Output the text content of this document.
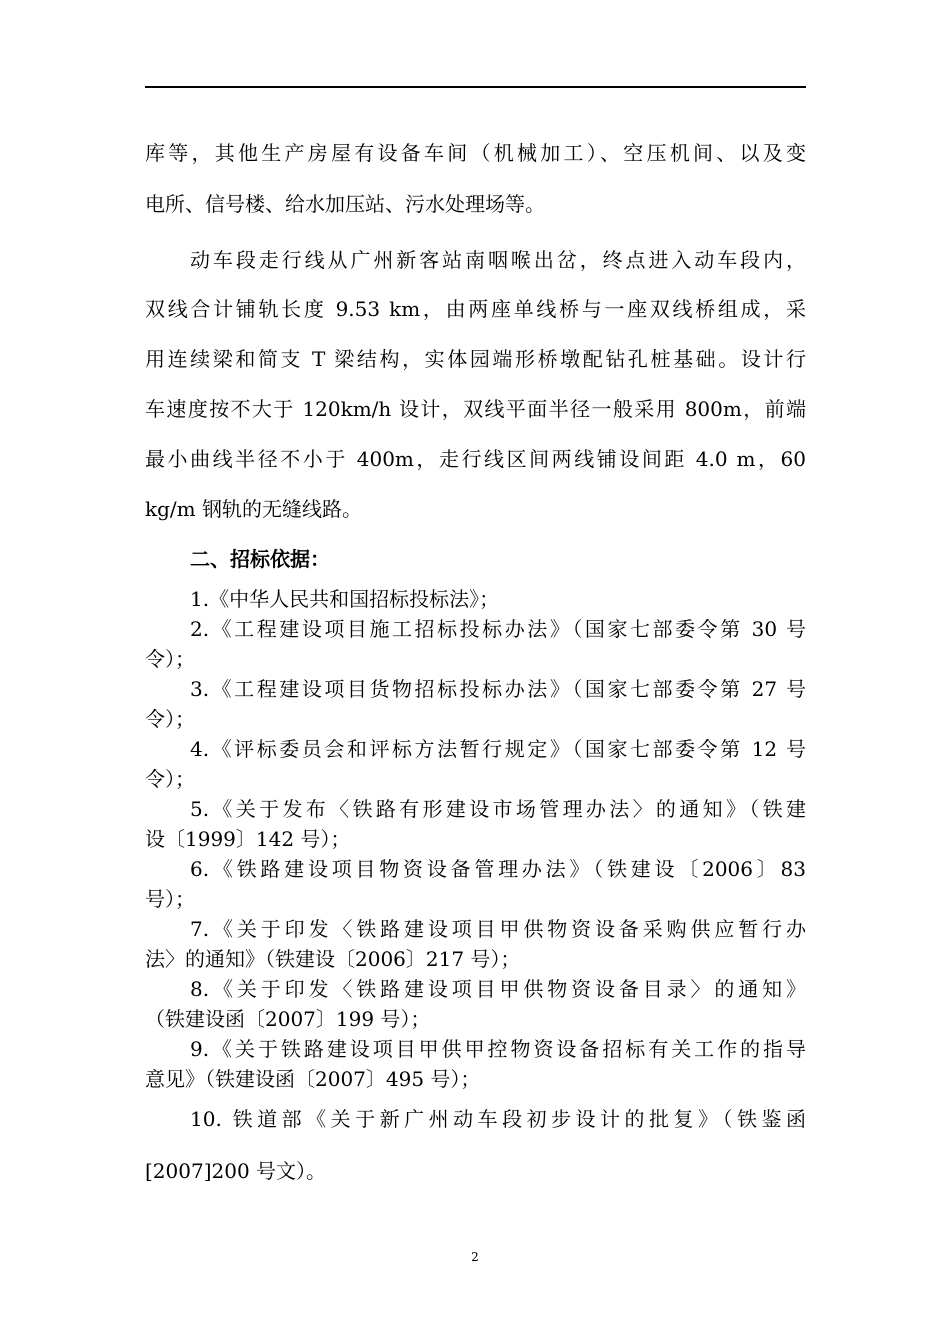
库等，其他生产房屋有设备车间（机械加工）、空压机间、以及变
电所、信号楼、给水加压站、污水处理场等。
动车段走行线从广州新客站南咽喉出岔，终点进入动车段内，
双线合计铺轨长度 9.53 km，由两座单线桥与一座双线桥组成，采
用连续梁和简支 T 梁结构，实体园端形桥墩配钻孔桩基础。设计行
车速度按不大于 120km/h 设计，双线平面半径一般采用 800m，前端
最小曲线半径不小于 400m，走行线区间两线铺设间距 4.0 m，60
kg/m 钢轨的无缝线路。
二、招标依据：
1.《中华人民共和国招标投标法》；
2.《工程建设项目施工招标投标办法》（国家七部委令第 30 号
令）；
3.《工程建设项目货物招标投标办法》（国家七部委令第 27 号
令）；
4.《评标委员会和评标方法暂行规定》（国家七部委令第 12 号
令）；
5.《关于发布〈铁路有形建设市场管理办法〉的通知》（铁建
设〔1999〕142 号）；
6.《铁路建设项目物资设备管理办法》（铁建设〔2006〕83
号）；
7.《关于印发〈铁路建设项目甲供物资设备采购供应暂行办
法〉的通知》（铁建设〔2006〕217 号）；
8.《关于印发〈铁路建设项目甲供物资设备目录〉的通知》
（铁建设函〔2007〕199 号）；
9.《关于铁路建设项目甲供甲控物资设备招标有关工作的指导
意见》（铁建设函〔2007〕495 号）；
10. 铁道部《关于新广州动车段初步设计的批复》（铁鉴函
[2007]200 号文）。
2
